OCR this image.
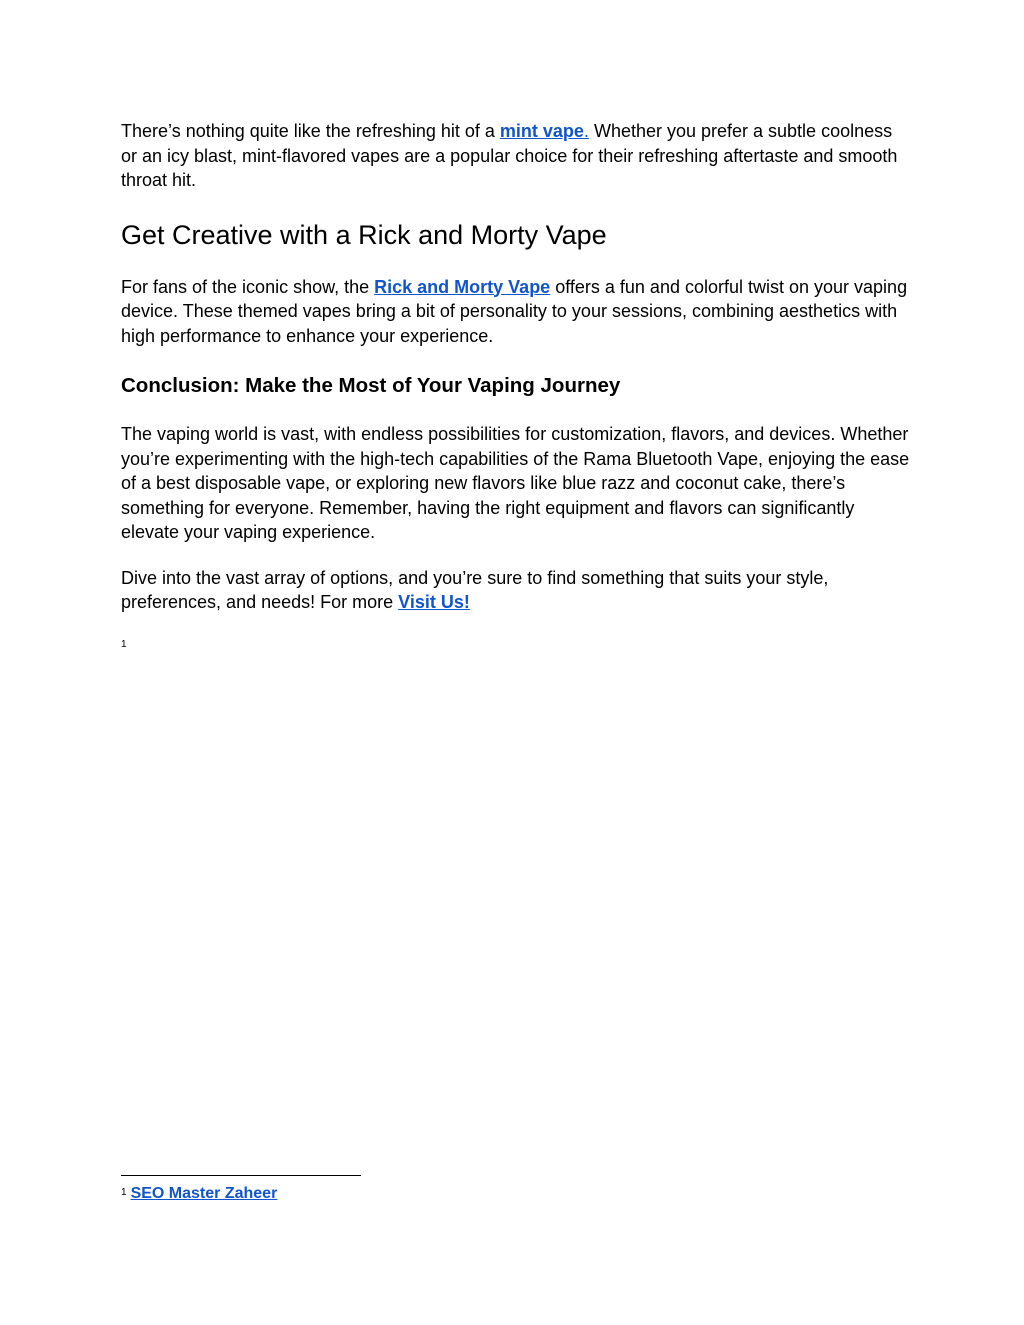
There’s nothing quite like the refreshing hit of a mint vape. Whether you prefer a subtle coolness or an icy blast, mint-flavored vapes are a popular choice for their refreshing aftertaste and smooth throat hit.

Get Creative with a Rick and Morty Vape

For fans of the iconic show, the Rick and Morty Vape offers a fun and colorful twist on your vaping device. These themed vapes bring a bit of personality to your sessions, combining aesthetics with high performance to enhance your experience.

Conclusion: Make the Most of Your Vaping Journey

The vaping world is vast, with endless possibilities for customization, flavors, and devices. Whether you’re experimenting with the high-tech capabilities of the Rama Bluetooth Vape, enjoying the ease of a best disposable vape, or exploring new flavors like blue razz and coconut cake, there’s something for everyone. Remember, having the right equipment and flavors can significantly elevate your vaping experience.

Dive into the vast array of options, and you’re sure to find something that suits your style, preferences, and needs! For more Visit Us!

1
$^1$ SEO Master Zaheer
